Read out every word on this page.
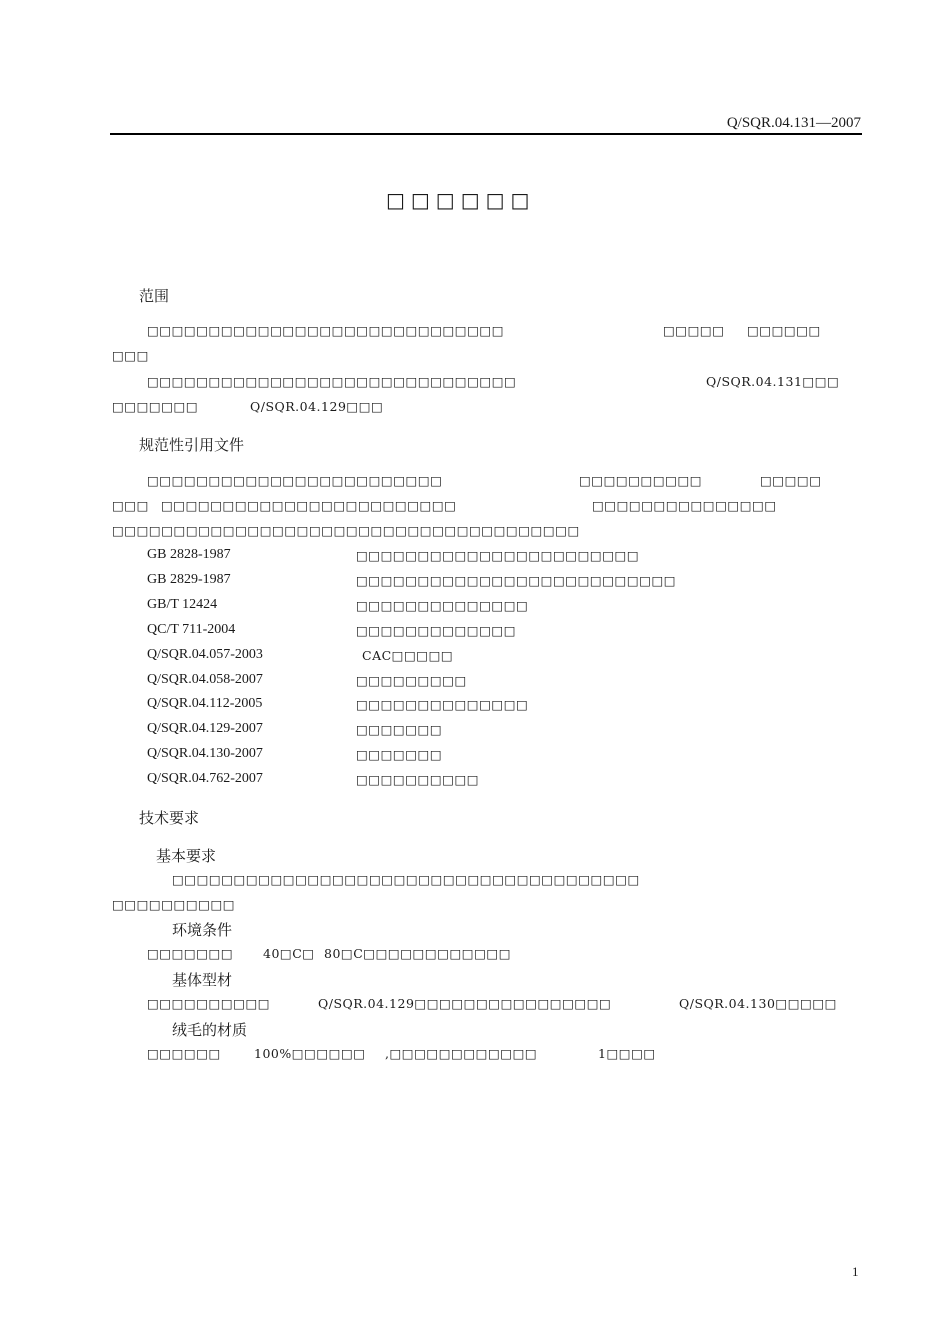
Q/SQR.04.131—2007
□□□□□□
范围
□□□□□□□□□□□□□□□□□□□□□□□□□□□□□	□□□□□ □□□□□□
□□□
□□□□□□□□□□□□□□□□□□□□□□□□□□□□□□	Q/SQR.04.131□□□
□□□□□□□	Q/SQR.04.129□□□
规范性引用文件
□□□□□□□□□□□□□□□□□□□□□□□□	□□□□□□□□□□	□□□□□
□□□ □□□□□□□□□□□□□□□□□□□□□□□□	□□□□□□□□□□□□□□□
□□□□□□□□□□□□□□□□□□□□□□□□□□□□□□□□□□□□□□
GB 2828-1987	□□□□□□□□□□□□□□□□□□□□□□□
GB 2829-1987	□□□□□□□□□□□□□□□□□□□□□□□□□□
GB/T 12424	□□□□□□□□□□□□□□
QC/T 711-2004	□□□□□□□□□□□□□
Q/SQR.04.057-2003	CAC□□□□□
Q/SQR.04.058-2007	□□□□□□□□□
Q/SQR.04.112-2005	□□□□□□□□□□□□□□
Q/SQR.04.129-2007	□□□□□□□
Q/SQR.04.130-2007	□□□□□□□
Q/SQR.04.762-2007	□□□□□□□□□□
技术要求
基本要求
□□□□□□□□□□□□□□□□□□□□□□□□□□□□□□□□□□□□□□
□□□□□□□□□□
环境条件
□□□□□□□ 40□C□ 80□C□□□□□□□□□□□□
基体型材
□□□□□□□□□□	Q/SQR.04.129□□□□□□□□□□□□□□□□	Q/SQR.04.130□□□□□
绒毛的材质
□□□□□□	100%□□□□□□ ,□□□□□□□□□□□□	1□□□□
1
